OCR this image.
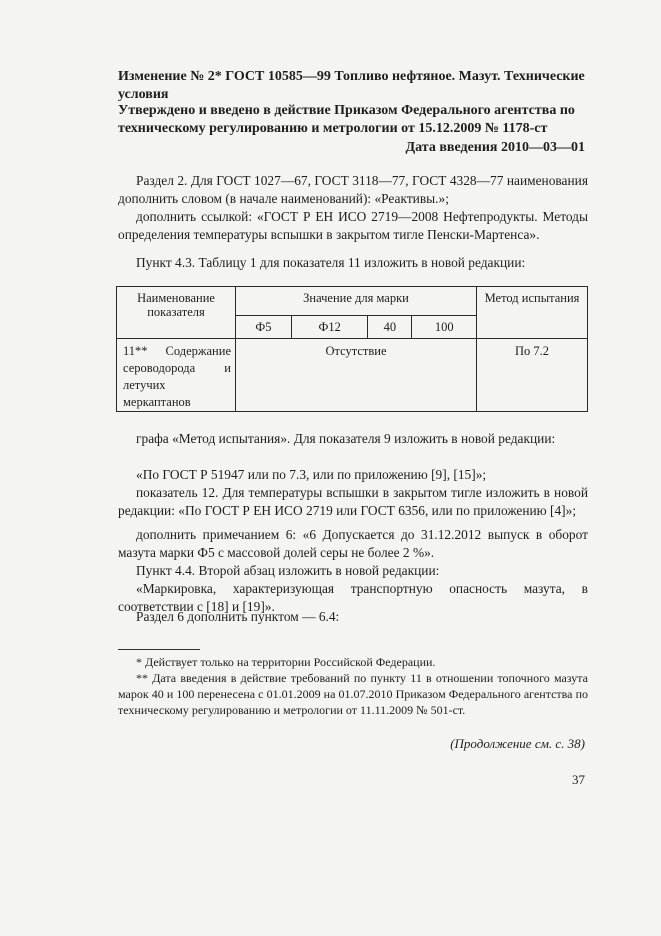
Изменение № 2* ГОСТ 10585—99 Топливо нефтяное. Мазут. Технические условия
Утверждено и введено в действие Приказом Федерального агентства по техническому регулированию и метрологии от 15.12.2009 № 1178-ст
Дата введения 2010—03—01
Раздел 2. Для ГОСТ 1027—67, ГОСТ 3118—77, ГОСТ 4328—77 наименования дополнить словом (в начале наименований): «Реактивы.»;
дополнить ссылкой: «ГОСТ Р ЕН ИСО 2719—2008 Нефтепродукты. Методы определения температуры вспышки в закрытом тигле Пенски-Мартенса».
Пункт 4.3. Таблицу 1 для показателя 11 изложить в новой редакции:
Наименование показателя	Значение для марки				Метод испытания
	Ф5	Ф12	40	100	
11** Содержание сероводорода и летучих меркаптанов	Отсутствие				По 7.2
графа «Метод испытания». Для показателя 9 изложить в новой редакции:
«По ГОСТ Р 51947 или по 7.3, или по приложению [9], [15]»;
показатель 12. Для температуры вспышки в закрытом тигле изложить в новой редакции: «По ГОСТ Р ЕН ИСО 2719 или ГОСТ 6356, или по приложению [4]»;
дополнить примечанием 6: «6 Допускается до 31.12.2012 выпуск в оборот мазута марки Ф5 с массовой долей серы не более 2 %».
Пункт 4.4. Второй абзац изложить в новой редакции:
«Маркировка, характеризующая транспортную опасность мазута, в соответствии с [18] и [19]».
Раздел 6 дополнить пунктом — 6.4:
* Действует только на территории Российской Федерации.
** Дата введения в действие требований по пункту 11 в отношении топочного мазута марок 40 и 100 перенесена с 01.01.2009 на 01.07.2010 Приказом Федерального агентства по техническому регулированию и метрологии от 11.11.2009 № 501-ст.
(Продолжение см. с. 38)
37
